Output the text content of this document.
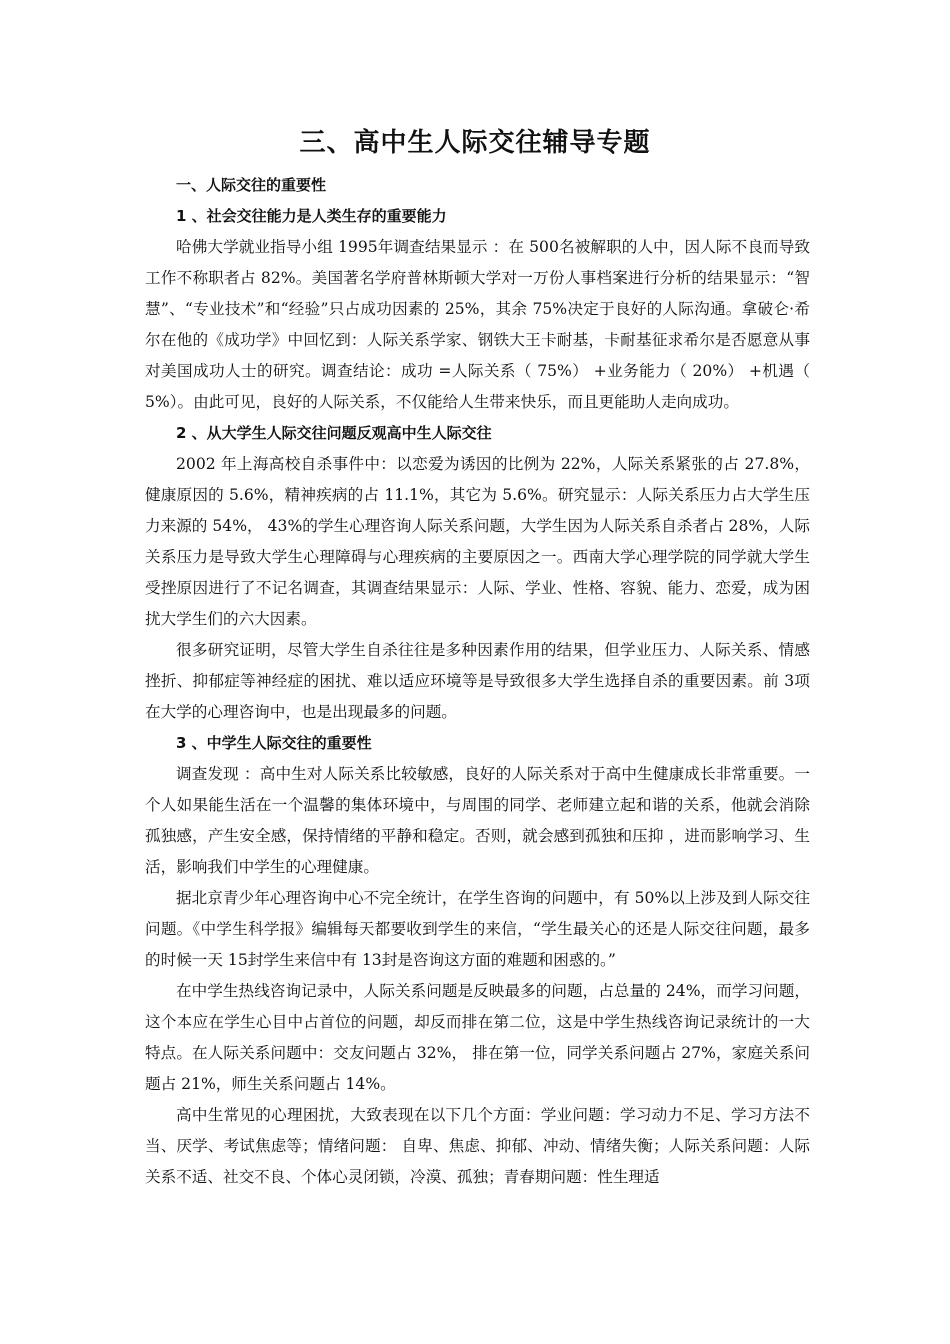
三、高中生人际交往辅导专题
一、人际交往的重要性
1 、社会交往能力是人类生存的重要能力

哈佛大学就业指导小组 1995年调查结果显示 ：在 500名被解职的人中，因人际不良而导致工作不称职者占 82%。美国著名学府普林斯顿大学对一万份人事档案进行分析的结果显示：“智慧”、“专业技术”和“经验”只占成功因素的 25%，其余 75%决定于良好的人际沟通。拿破仑·希尔在他的《成功学》中回忆到：人际关系学家、钢铁大王卡耐基，卡耐基征求希尔是否愿意从事对美国成功人士的研究。调查结论：成功 =人际关系（ 75%） +业务能力（ 20%） +机遇（ 5%）。由此可见，良好的人际关系，不仅能给人生带来快乐，而且更能助人走向成功。

2 、从大学生人际交往问题反观高中生人际交往

2002 年上海高校自杀事件中：以恋爱为诱因的比例为 22%，人际关系紧张的占 27.8%，健康原因的 5.6%，精神疾病的占 11.1%，其它为 5.6%。研究显示：人际关系压力占大学生压力来源的 54%， 43%的学生心理咨询人际关系问题，大学生因为人际关系自杀者占 28%，人际关系压力是导致大学生心理障碍与心理疾病的主要原因之一。西南大学心理学院的同学就大学生受挫原因进行了不记名调查，其调查结果显示：人际、学业、性格、容貌、能力、恋爱，成为困扰大学生们的六大因素。

很多研究证明，尽管大学生自杀往往是多种因素作用的结果，但学业压力、人际关系、情感挫折、抑郁症等神经症的困扰、难以适应环境等是导致很多大学生选择自杀的重要因素。前 3项在大学的心理咨询中，也是出现最多的问题。

3 、中学生人际交往的重要性

调查发现 ：高中生对人际关系比较敏感，良好的人际关系对于高中生健康成长非常重要。一个人如果能生活在一个温馨的集体环境中，与周围的同学、老师建立起和谐的关系，他就会消除孤独感，产生安全感，保持情绪的平静和稳定。否则，就会感到孤独和压抑 ，进而影响学习、生活，影响我们中学生的心理健康。

据北京青少年心理咨询中心不完全统计，在学生咨询的问题中，有 50%以上涉及到人际交往问题。《中学生科学报》编辑每天都要收到学生的来信，“学生最关心的还是人际交往问题，最多的时候一天 15封学生来信中有 13封是咨询这方面的难题和困惑的。”

在中学生热线咨询记录中，人际关系问题是反映最多的问题，占总量的 24%，而学习问题，这个本应在学生心目中占首位的问题，却反而排在第二位，这是中学生热线咨询记录统计的一大特点。在人际关系问题中：交友问题占 32%， 排在第一位，同学关系问题占 27%，家庭关系问题占 21%，师生关系问题占 14%。

高中生常见的心理困扰，大致表现在以下几个方面：学业问题：学习动力不足、学习方法不当、厌学、考试焦虑等；情绪问题： 自卑、焦虑、抑郁、冲动、情绪失衡；人际关系问题：人际关系不适、社交不良、个体心灵闭锁，冷漠、孤独；青春期问题：性生理适
